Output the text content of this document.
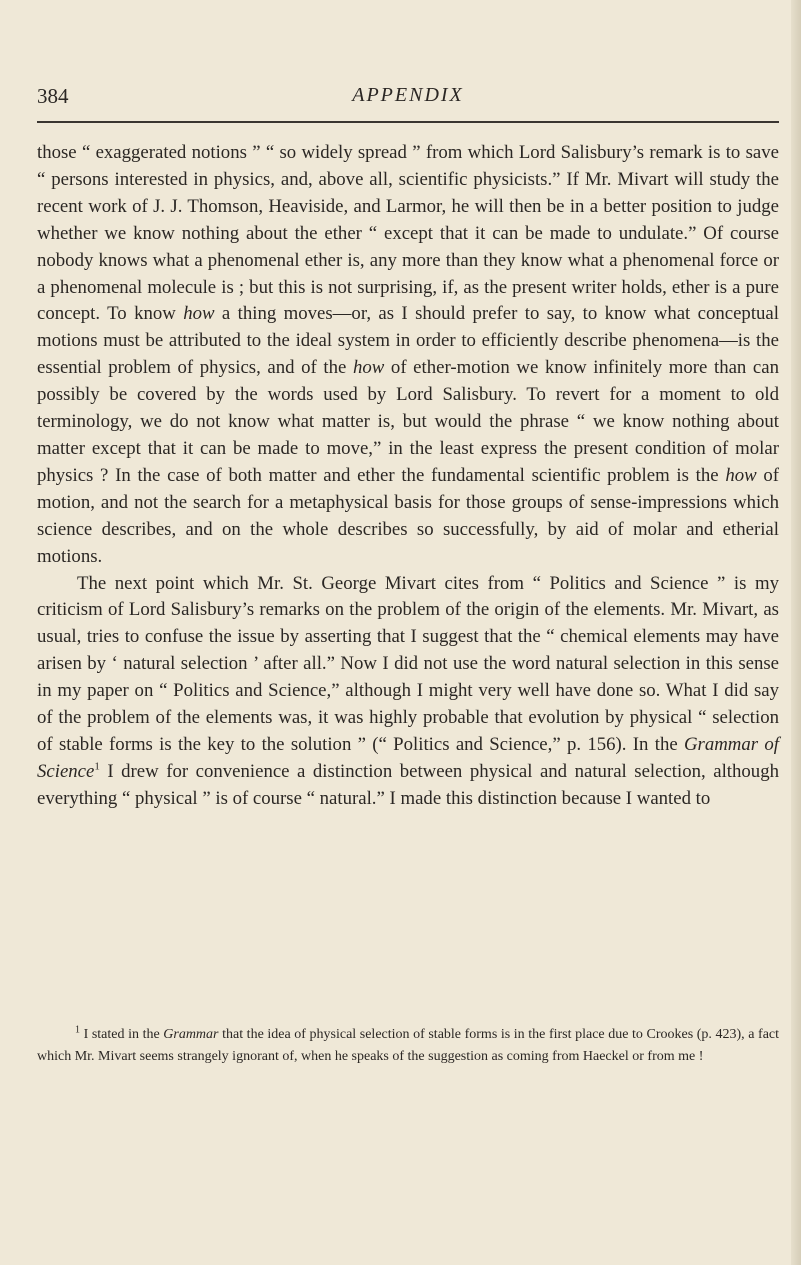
384	APPENDIX

those “ exaggerated notions ” “ so widely spread ” from which Lord Salisbury’s remark is to save “ persons interested in physics, and, above all, scientific physicists.” If Mr. Mivart will study the recent work of J. J. Thomson, Heaviside, and Larmor, he will then be in a better position to judge whether we know nothing about the ether “ except that it can be made to undulate.” Of course nobody knows what a phenomenal ether is, any more than they know what a phenomenal force or a phenomenal molecule is ; but this is not surprising, if, as the present writer holds, ether is a pure concept. To know how a thing moves—or, as I should prefer to say, to know what conceptual motions must be attributed to the ideal system in order to efficiently describe phenomena—is the essential problem of physics, and of the how of ether-motion we know infinitely more than can possibly be covered by the words used by Lord Salisbury. To revert for a moment to old terminology, we do not know what matter is, but would the phrase “ we know nothing about matter except that it can be made to move,” in the least express the present condition of molar physics ? In the case of both matter and ether the fundamental scientific problem is the how of motion, and not the search for a metaphysical basis for those groups of sense-impressions which science describes, and on the whole describes so successfully, by aid of molar and etherial motions.

The next point which Mr. St. George Mivart cites from “ Politics and Science ” is my criticism of Lord Salisbury’s remarks on the problem of the origin of the elements. Mr. Mivart, as usual, tries to confuse the issue by asserting that I suggest that the “ chemical elements may have arisen by ‘ natural selection ’ after all.” Now I did not use the word natural selection in this sense in my paper on “ Politics and Science,” although I might very well have done so. What I did say of the problem of the elements was, it was highly probable that evolution by physical “ selection of stable forms is the key to the solution ” (“ Politics and Science,” p. 156). In the Grammar of Science$^1$ I drew for convenience a distinction between physical and natural selection, although everything “ physical ” is of course “ natural.” I made this distinction because I wanted to

$^1$ I stated in the Grammar that the idea of physical selection of stable forms is in the first place due to Crookes (p. 423), a fact which Mr. Mivart seems strangely ignorant of, when he speaks of the suggestion as coming from Haeckel or from me !
